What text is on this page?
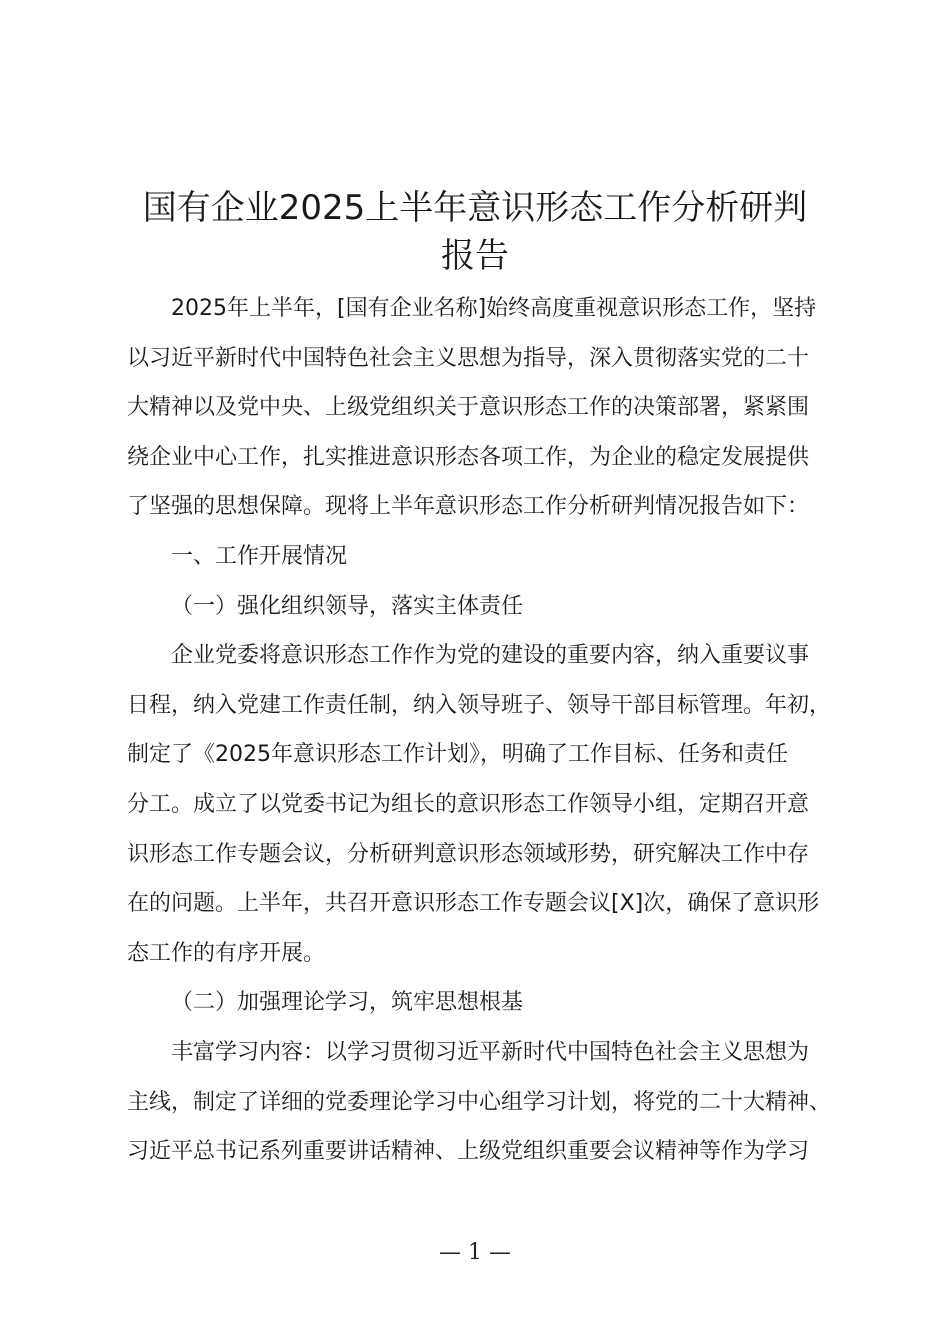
国有企业2025上半年意识形态工作分析研判
报告
2025年上半年，[国有企业名称]始终高度重视意识形态工作，坚持
以习近平新时代中国特色社会主义思想为指导，深入贯彻落实党的二十
大精神以及党中央、上级党组织关于意识形态工作的决策部署，紧紧围
绕企业中心工作，扎实推进意识形态各项工作，为企业的稳定发展提供
了坚强的思想保障。现将上半年意识形态工作分析研判情况报告如下：
一、工作开展情况
（一）强化组织领导，落实主体责任
企业党委将意识形态工作作为党的建设的重要内容，纳入重要议事
日程，纳入党建工作责任制，纳入领导班子、领导干部目标管理。年初，
制定了《2025年意识形态工作计划》，明确了工作目标、任务和责任
分工。成立了以党委书记为组长的意识形态工作领导小组，定期召开意
识形态工作专题会议，分析研判意识形态领域形势，研究解决工作中存
在的问题。上半年，共召开意识形态工作专题会议[X]次，确保了意识形
态工作的有序开展。
（二）加强理论学习，筑牢思想根基
丰富学习内容：以学习贯彻习近平新时代中国特色社会主义思想为
主线，制定了详细的党委理论学习中心组学习计划，将党的二十大精神、
习近平总书记系列重要讲话精神、上级党组织重要会议精神等作为学习
— 1 —
